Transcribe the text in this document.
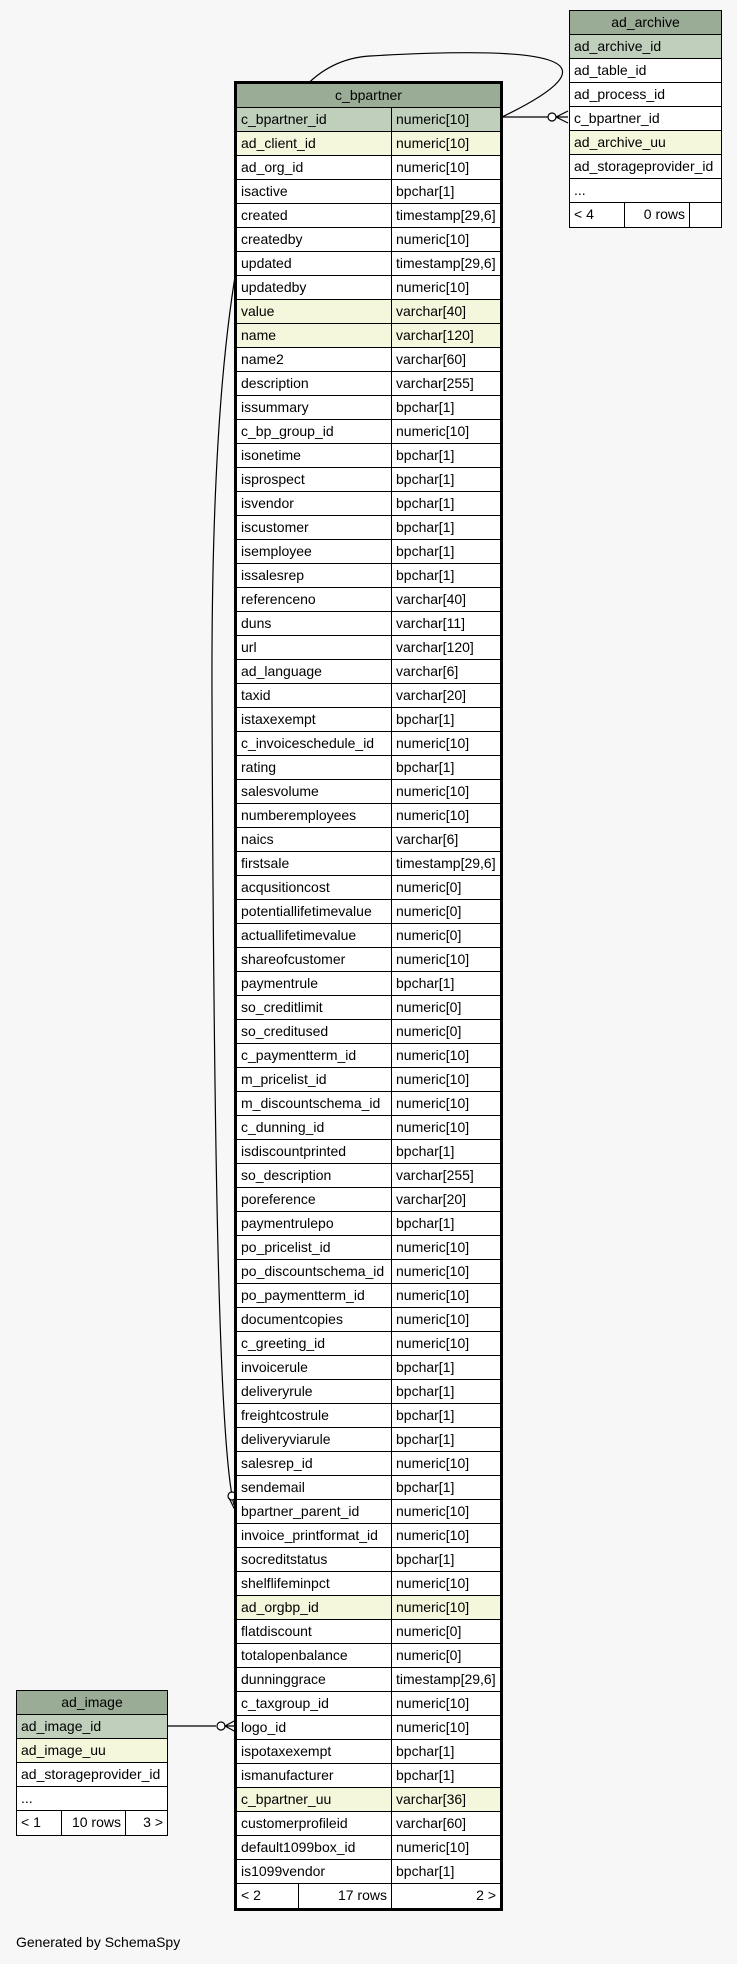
c_bpartner
c_bpartner_id	numeric[10]
ad_client_id	numeric[10]
ad_org_id	numeric[10]
isactive	bpchar[1]
created	timestamp[29,6]
createdby	numeric[10]
updated	timestamp[29,6]
updatedby	numeric[10]
value	varchar[40]
name	varchar[120]
name2	varchar[60]
description	varchar[255]
issummary	bpchar[1]
c_bp_group_id	numeric[10]
isonetime	bpchar[1]
isprospect	bpchar[1]
isvendor	bpchar[1]
iscustomer	bpchar[1]
isemployee	bpchar[1]
issalesrep	bpchar[1]
referenceno	varchar[40]
duns	varchar[11]
url	varchar[120]
ad_language	varchar[6]
taxid	varchar[20]
istaxexempt	bpchar[1]
c_invoiceschedule_id	numeric[10]
rating	bpchar[1]
salesvolume	numeric[10]
numberemployees	numeric[10]
naics	varchar[6]
firstsale	timestamp[29,6]
acqusitioncost	numeric[0]
potentiallifetimevalue	numeric[0]
actuallifetimevalue	numeric[0]
shareofcustomer	numeric[10]
paymentrule	bpchar[1]
so_creditlimit	numeric[0]
so_creditused	numeric[0]
c_paymentterm_id	numeric[10]
m_pricelist_id	numeric[10]
m_discountschema_id	numeric[10]
c_dunning_id	numeric[10]
isdiscountprinted	bpchar[1]
so_description	varchar[255]
poreference	varchar[20]
paymentrulepo	bpchar[1]
po_pricelist_id	numeric[10]
po_discountschema_id numeric[10]
po_paymentterm_id	numeric[10]
documentcopies	numeric[10]
c_greeting_id	numeric[10]
invoicerule	bpchar[1]
deliveryrule	bpchar[1]
freightcostrule	bpchar[1]
deliveryviarule	bpchar[1]
salesrep_id	numeric[10]
sendemail	bpchar[1]
bpartner_parent_id	numeric[10]
invoice_printformat_id	numeric[10]
socreditstatus	bpchar[1]
shelflifeminpct	numeric[10]
ad_orgbp_id	numeric[10]
flatdiscount	numeric[0]
totalopenbalance	numeric[0]
dunninggrace	timestamp[29,6]
c_taxgroup_id	numeric[10]
logo_id	numeric[10]
ispotaxexempt	bpchar[1]
ismanufacturer	bpchar[1]
c_bpartner_uu	varchar[36]
customerprofileid	varchar[60]
default1099box_id	numeric[10]
is1099vendor	bpchar[1]
< 2	17 rows	2 >
ad_archive
ad_archive_id
ad_table_id
ad_process_id
c_bpartner_id
ad_archive_uu
ad_storageprovider_id
...
< 4	0 rows
ad_image
ad_image_id
ad_image_uu
ad_storageprovider_id
...
< 1	10 rows	3 >
Generated by SchemaSpy
